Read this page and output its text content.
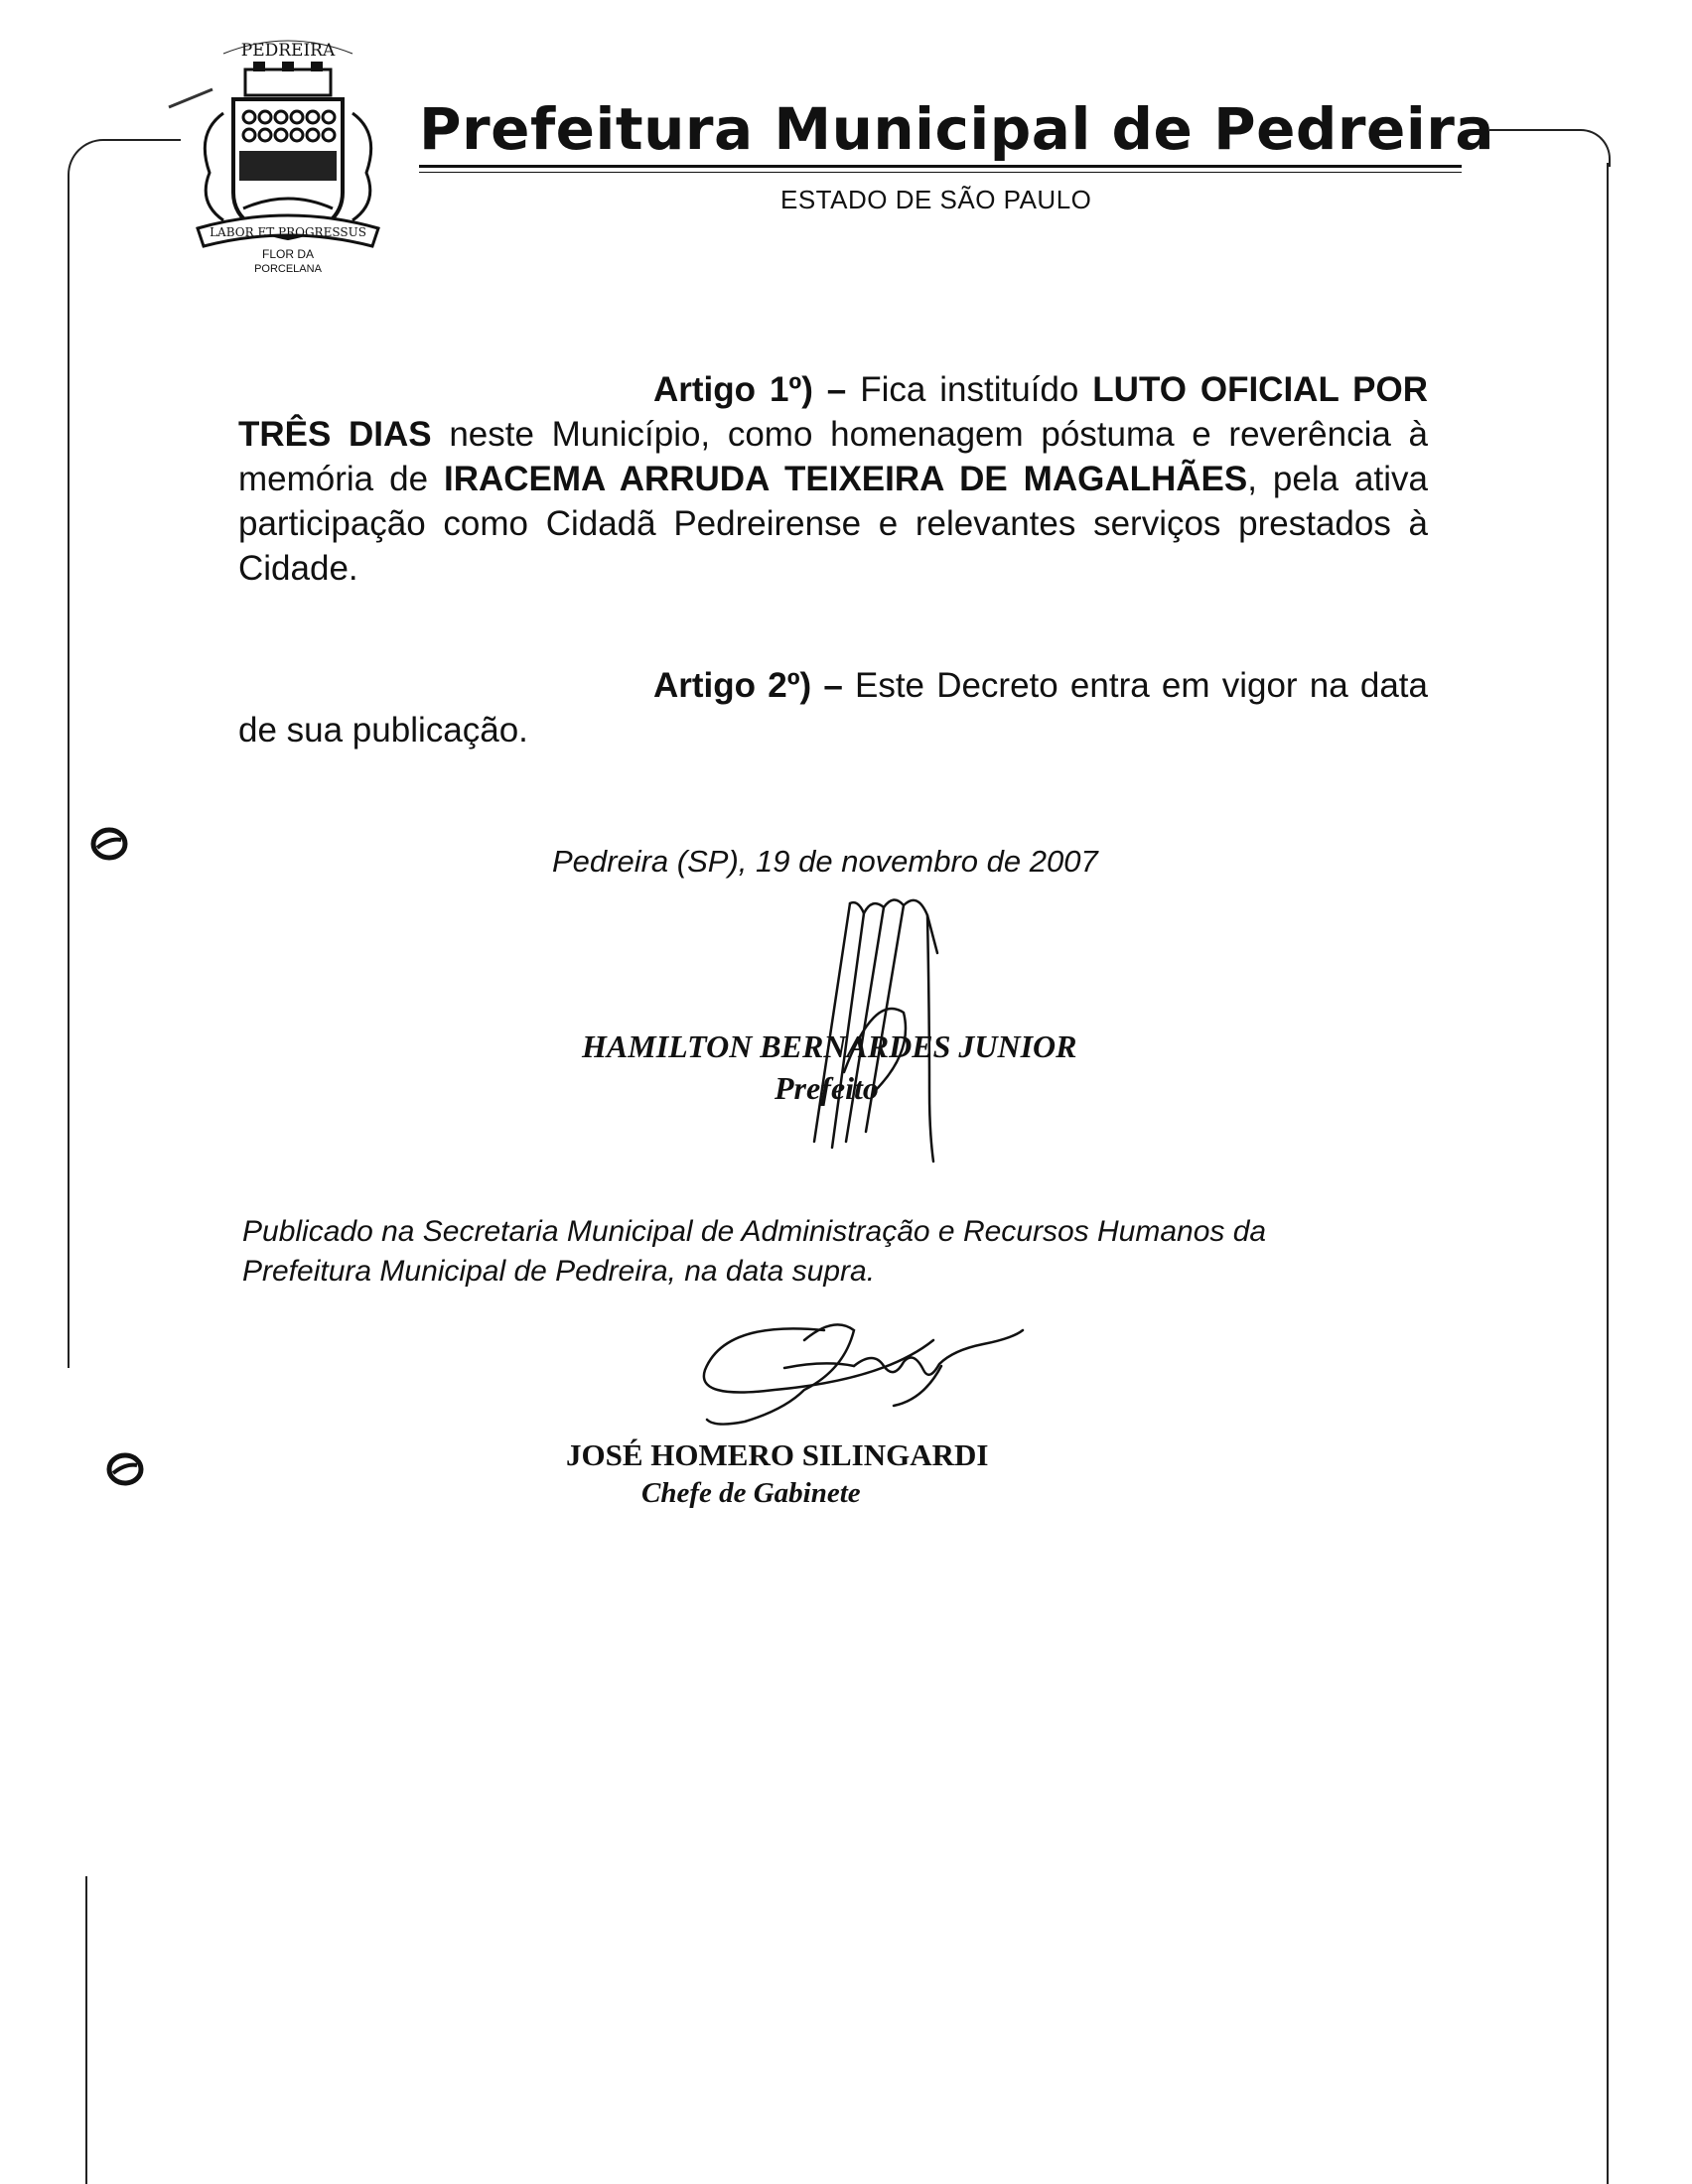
PEDREIRA
LABOR ET PROGRESSUS
FLOR DA
PORCELANA
Prefeitura Municipal de Pedreira
ESTADO DE SÃO PAULO

Artigo 1º) – Fica instituído LUTO OFICIAL POR TRÊS DIAS neste Município, como homenagem póstuma e reverência à memória de IRACEMA ARRUDA TEIXEIRA DE MAGALHÃES, pela ativa participação como Cidadã Pedreirense e relevantes serviços prestados à Cidade.

Artigo 2º) – Este Decreto entra em vigor na data de sua publicação.

Pedreira (SP), 19 de novembro de 2007
HAMILTON BERNARDES JUNIOR
Prefeito
Publicado na Secretaria Municipal de Administração e Recursos Humanos da
Prefeitura Municipal de Pedreira, na data supra.
JOSÉ HOMERO SILINGARDI
Chefe de Gabinete
